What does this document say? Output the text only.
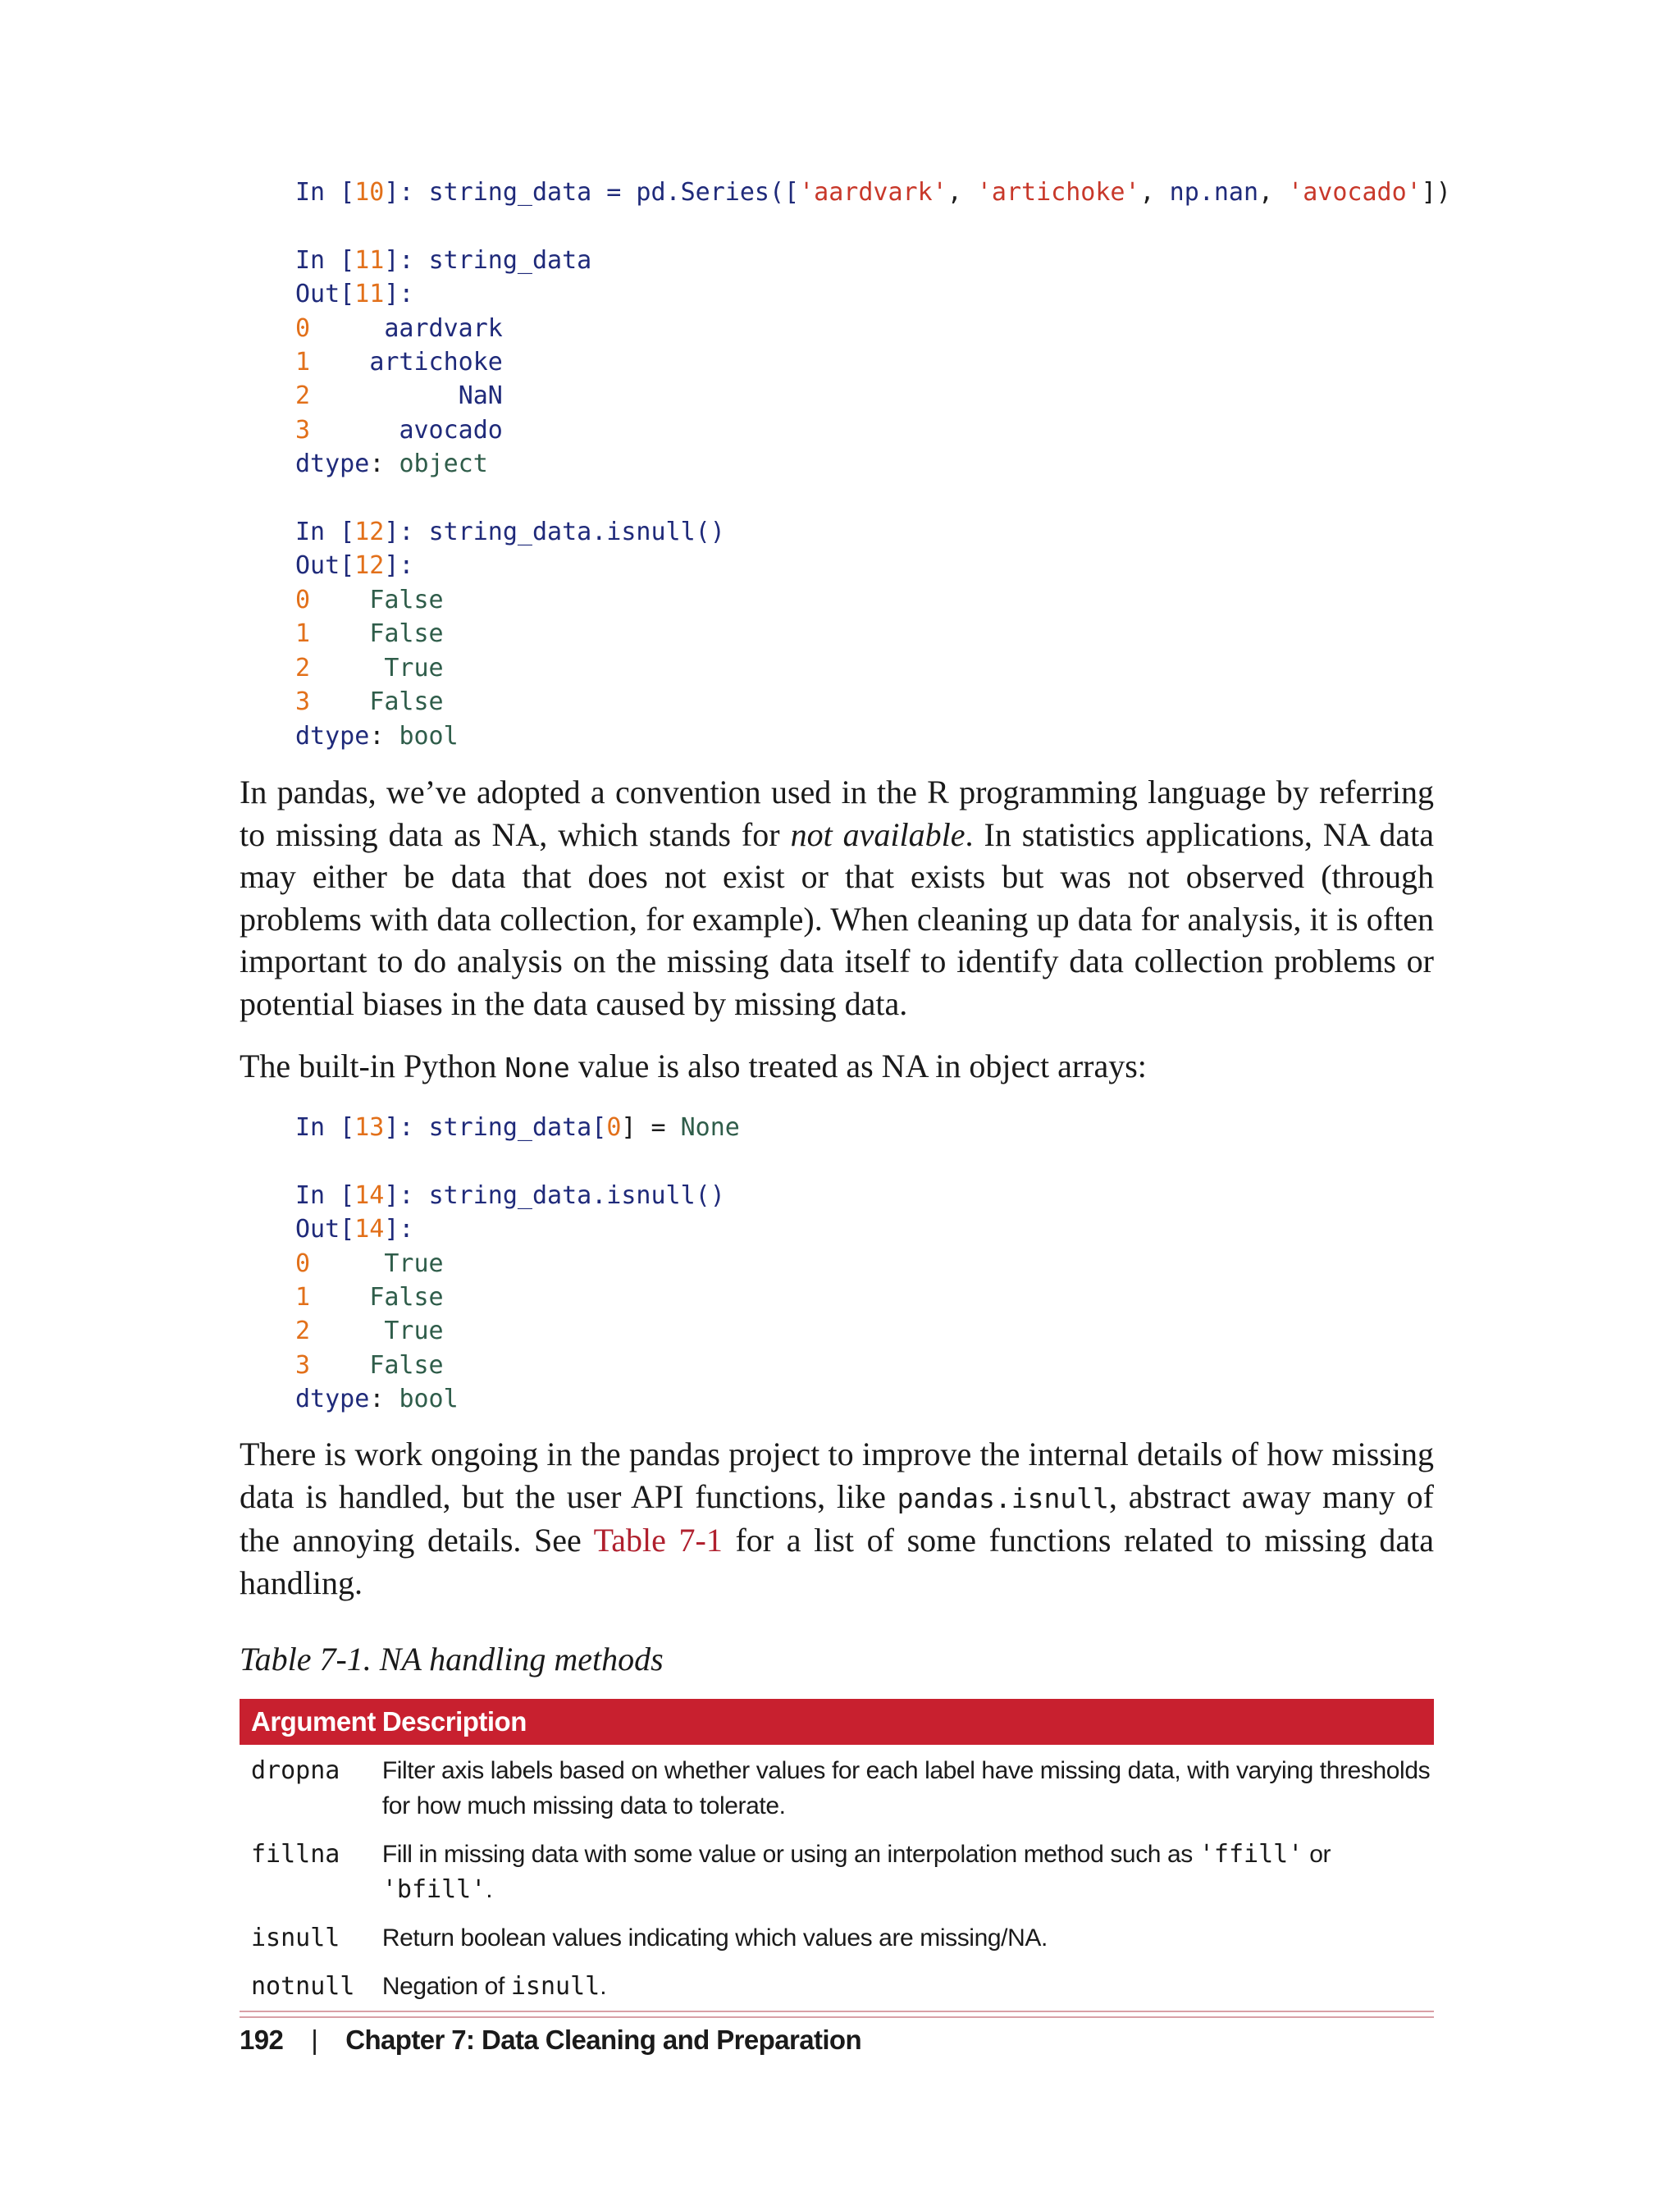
In [10]: string_data = pd.Series(['aardvark', 'artichoke', np.nan, 'avocado'])

In [11]: string_data
Out[11]:
0	aardvark
1 artichoke
2	NaN
3	avocado
dtype: object

In [12]: string_data.isnull()
Out[12]:
0 False
1 False
2	True
3 False
dtype: bool

In pandas, we’ve adopted a convention used in the R programming language by referring to missing data as NA, which stands for not available. In statistics applications, NA data may either be data that does not exist or that exists but was not observed (through problems with data collection, for example). When cleaning up data for analysis, it is often important to do analysis on the missing data itself to identify data collection problems or potential biases in the data caused by missing data.

The built-in Python None value is also treated as NA in object arrays:

In [13]: string_data[0] = None

In [14]: string_data.isnull()
Out[14]:
0	True
1 False
2	True
3 False
dtype: bool

There is work ongoing in the pandas project to improve the internal details of how missing data is handled, but the user API functions, like pandas.isnull, abstract away many of the annoying details. See Table 7-1 for a list of some functions related to missing data handling.

Table 7-1. NA handling methods

Argument	Description
dropna	Filter axis labels based on whether values for each label have missing data, with varying thresholds for how much missing data to tolerate.
fillna	Fill in missing data with some value or using an interpolation method such as 'ffill' or 'bfill'.
isnull	Return boolean values indicating which values are missing/NA.
notnull	Negation of isnull.

192 | Chapter 7: Data Cleaning and Preparation
